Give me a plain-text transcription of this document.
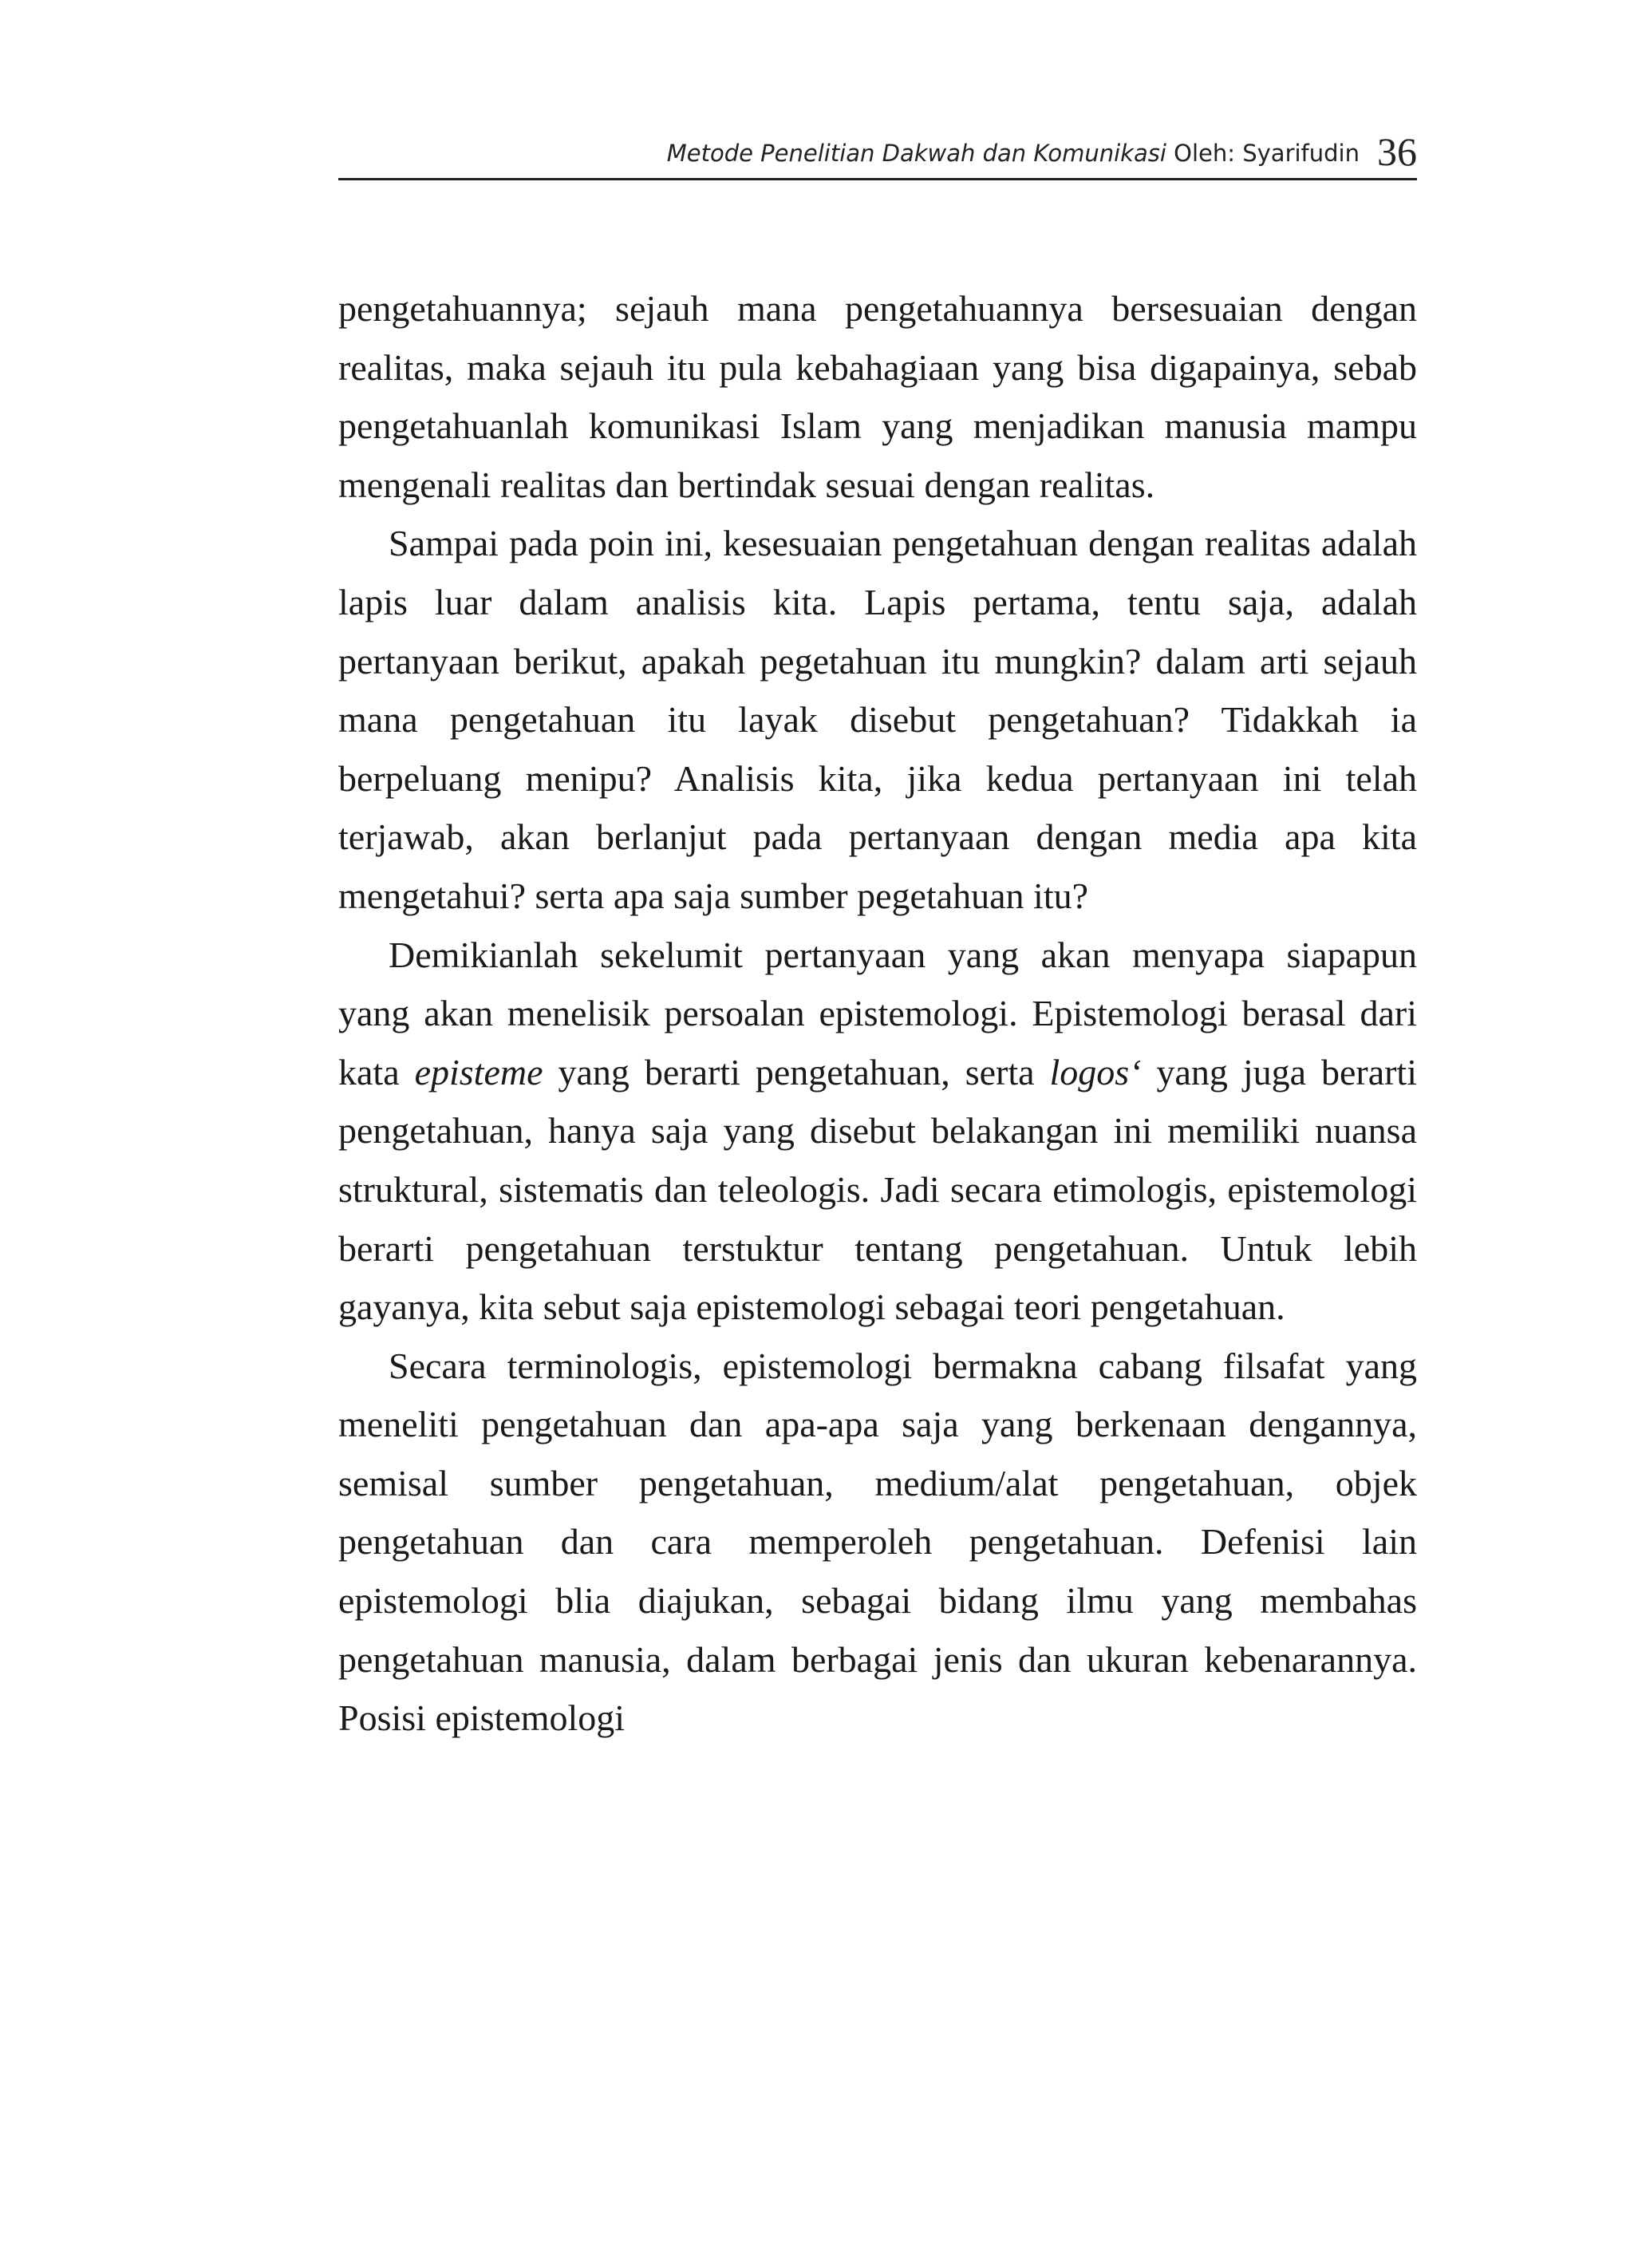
Metode Penelitian Dakwah dan Komunikasi Oleh: Syarifudin 36

pengetahuannya; sejauh mana pengetahuannya bersesuaian dengan realitas, maka sejauh itu pula kebahagiaan yang bisa digapainya, sebab pengetahuanlah komunikasi Islam yang menjadikan manusia mampu mengenali realitas dan bertindak sesuai dengan realitas.

Sampai pada poin ini, kesesuaian pengetahuan dengan realitas adalah lapis luar dalam analisis kita. Lapis pertama, tentu saja, adalah pertanyaan berikut, apakah pegetahuan itu mungkin? dalam arti sejauh mana pengetahuan itu layak disebut pengetahuan? Tidakkah ia berpeluang menipu? Analisis kita, jika kedua pertanyaan ini telah terjawab, akan berlanjut pada pertanyaan dengan media apa kita mengetahui? serta apa saja sumber pegetahuan itu?

Demikianlah sekelumit pertanyaan yang akan menyapa siapapun yang akan menelisik persoalan epistemologi. Epistemologi berasal dari kata episteme yang berarti pengetahuan, serta logos‘ yang juga berarti pengetahuan, hanya saja yang disebut belakangan ini memiliki nuansa struktural, sistematis dan teleologis. Jadi secara etimologis, epistemologi berarti pengetahuan terstuktur tentang pengetahuan. Untuk lebih gayanya, kita sebut saja epistemologi sebagai teori pengetahuan.

Secara terminologis, epistemologi bermakna cabang filsafat yang meneliti pengetahuan dan apa-apa saja yang berkenaan dengannya, semisal sumber pengetahuan, medium/alat pengetahuan, objek pengetahuan dan cara memperoleh pengetahuan. Defenisi lain epistemologi blia diajukan, sebagai bidang ilmu yang membahas pengetahuan manusia, dalam berbagai jenis dan ukuran kebenarannya. Posisi epistemologi
